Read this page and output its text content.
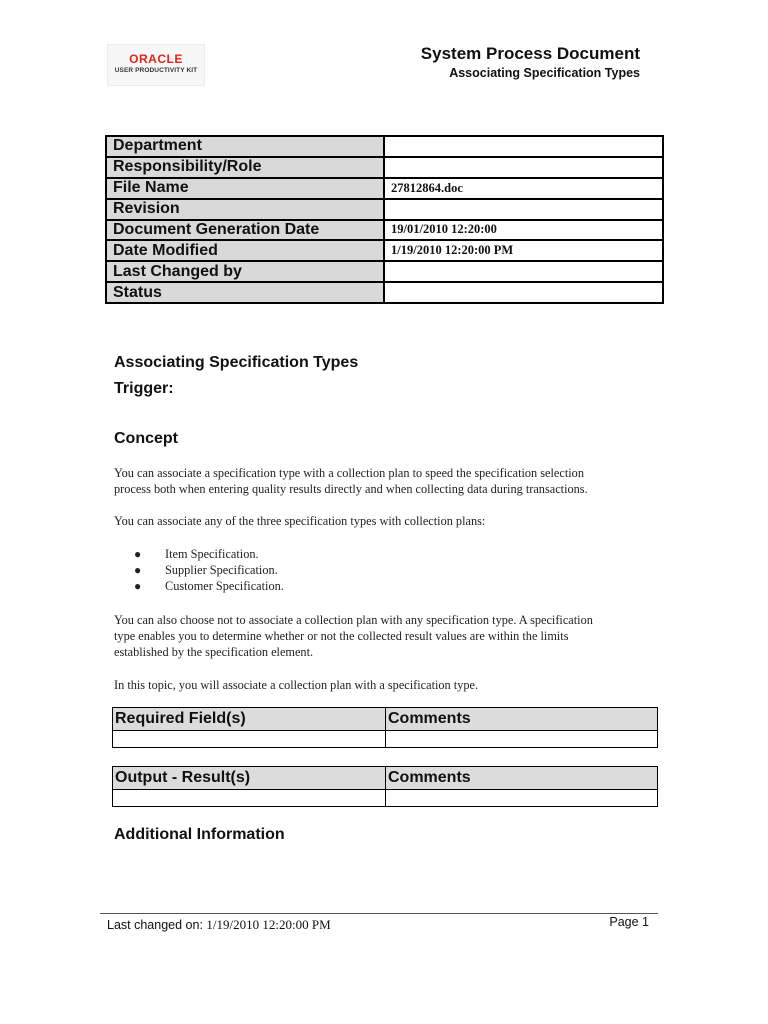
ORACLE
USER PRODUCTIVITY KIT
System Process Document
Associating Specification Types
Department	
Responsibility/Role	
File Name	27812864.doc
Revision	
Document Generation Date	19/01/2010 12:20:00
Date Modified	1/19/2010 12:20:00 PM
Last Changed by	
Status	
Associating Specification Types
Trigger:
Concept
You can associate a specification type with a collection plan to speed the specification selection
process both when entering quality results directly and when collecting data during transactions.
You can associate any of the three specification types with collection plans:
● Item Specification.
● Supplier Specification.
● Customer Specification.
You can also choose not to associate a collection plan with any specification type. A specification
type enables you to determine whether or not the collected result values are within the limits
established by the specification element.
In this topic, you will associate a collection plan with a specification type.
Required Field(s)	Comments

Output - Result(s)	Comments

Additional Information
Last changed on: 1/19/2010 12:20:00 PM	Page 1
